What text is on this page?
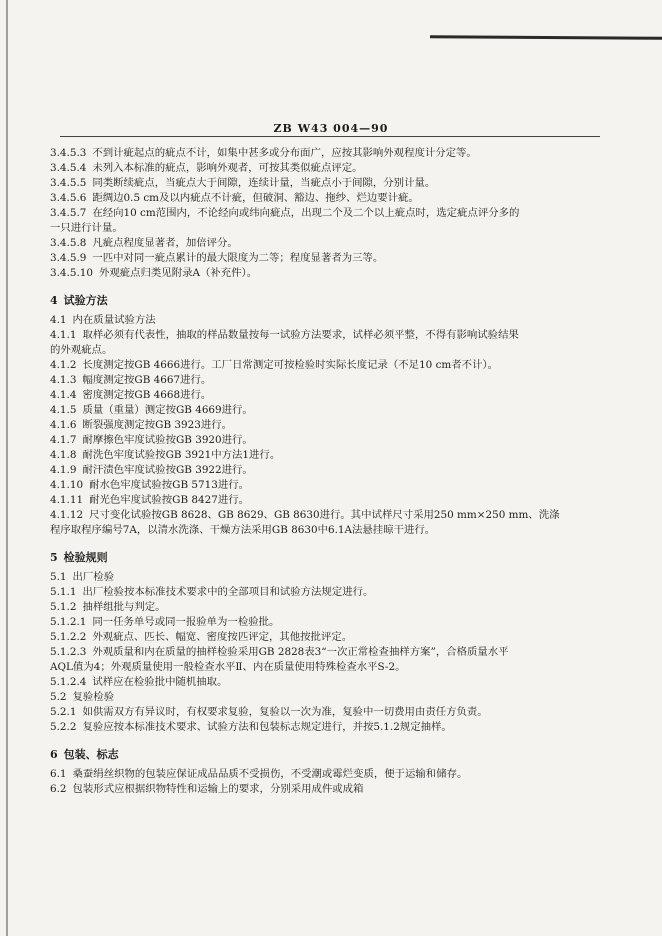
ZB W43 004—90
3.4.5.3 不到计疵起点的疵点不计，如集中甚多或分布面广，应按其影响外观程度计分定等。
3.4.5.4 未列入本标准的疵点，影响外观者，可按其类似疵点评定。
3.4.5.5 同类断续疵点，当疵点大于间隙，连续计量，当疵点小于间隙，分别计量。
3.4.5.6 距绸边0.5 cm及以内疵点不计疵，但破洞、豁边、拖纱、烂边要计疵。
3.4.5.7 在经向10 cm范围内，不论经向或纬向疵点，出现二个及二个以上疵点时，选定疵点评分多的
一只进行计量。
3.4.5.8 凡疵点程度显著者，加倍评分。
3.4.5.9 一匹中对同一疵点累计的最大限度为二等；程度显著者为三等。
3.4.5.10 外观疵点归类见附录A（补充件）。
4 试验方法
4.1 内在质量试验方法
4.1.1 取样必须有代表性，抽取的样品数量按每一试验方法要求，试样必须平整，不得有影响试验结果
的外观疵点。
4.1.2 长度测定按GB 4666进行。工厂日常测定可按检验时实际长度记录（不足10 cm者不计）。
4.1.3 幅度测定按GB 4667进行。
4.1.4 密度测定按GB 4668进行。
4.1.5 质量（重量）测定按GB 4669进行。
4.1.6 断裂强度测定按GB 3923进行。
4.1.7 耐摩擦色牢度试验按GB 3920进行。
4.1.8 耐洗色牢度试验按GB 3921中方法1进行。
4.1.9 耐汗渍色牢度试验按GB 3922进行。
4.1.10 耐水色牢度试验按GB 5713进行。
4.1.11 耐光色牢度试验按GB 8427进行。
4.1.12 尺寸变化试验按GB 8628、GB 8629、GB 8630进行。其中试样尺寸采用250 mm×250 mm、洗涤
程序取程序编号7A，以清水洗涤、干燥方法采用GB 8630中6.1A法悬挂晾干进行。
5 检验规则
5.1 出厂检验
5.1.1 出厂检验按本标准技术要求中的全部项目和试验方法规定进行。
5.1.2 抽样组批与判定。
5.1.2.1 同一任务单号或同一报验单为一检验批。
5.1.2.2 外观疵点、匹长、幅宽、密度按匹评定，其他按批评定。
5.1.2.3 外观质量和内在质量的抽样检验采用GB 2828表3“一次正常检查抽样方案”，合格质量水平
AQL值为4；外观质量使用一般检查水平Ⅱ、内在质量使用特殊检查水平S-2。
5.1.2.4 试样应在检验批中随机抽取。
5.2 复验检验
5.2.1 如供需双方有异议时，有权要求复验，复验以一次为准，复验中一切费用由责任方负责。
5.2.2 复验应按本标准技术要求、试验方法和包装标志规定进行，并按5.1.2规定抽样。
6 包装、标志
6.1 桑蚕绢丝织物的包装应保证成品品质不受损伤，不受潮或霉烂变质，便于运输和储存。
6.2 包装形式应根据织物特性和运输上的要求，分别采用成件或成箱
